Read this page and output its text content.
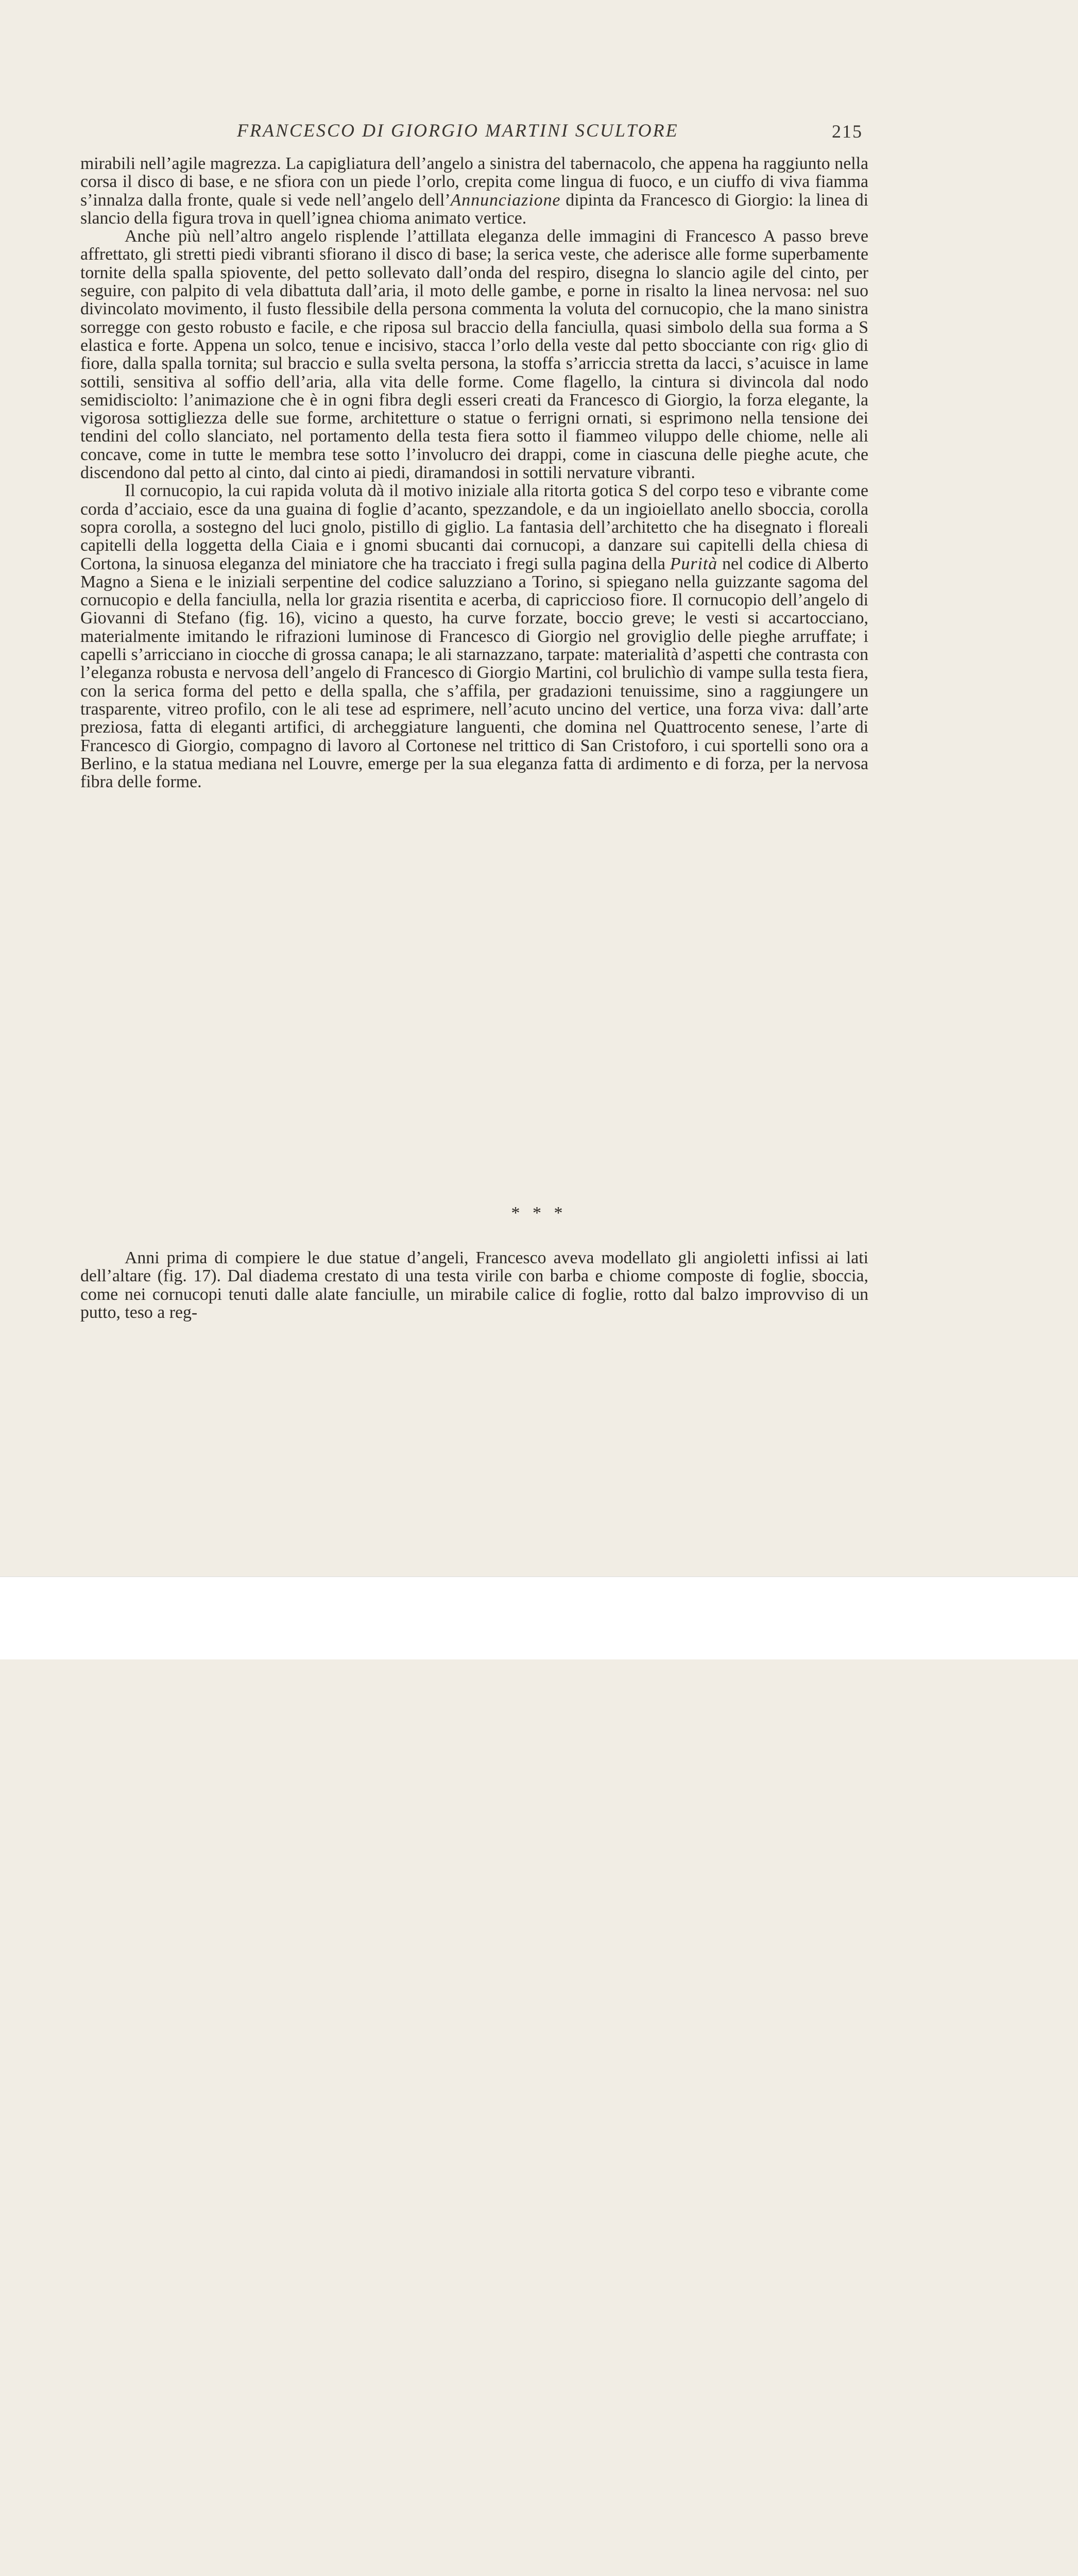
FRANCESCO DI GIORGIO MARTINI SCULTORE	215

mirabili nell’agile magrezza. La capigliatura dell’angelo a sinistra del tabernacolo, che appena ha raggiunto nella corsa il disco di base, e ne sfiora con un piede l’orlo, crepita come lingua di fuoco, e un ciuffo di viva fiamma s’innalza dalla fronte, quale si vede nell’angelo dell’Annunciazione dipinta da Francesco di Giorgio: la linea di slancio della figura trova in quell’ignea chioma animato vertice.

Anche più nell’altro angelo risplende l’attillata eleganza delle immagini di Francesco A passo breve affrettato, gli stretti piedi vibranti sfiorano il disco di base; la serica veste, che aderisce alle forme superbamente tornite della spalla spiovente, del petto sollevato dall’onda del respiro, disegna lo slancio agile del cinto, per seguire, con palpito di vela dibattuta dall’aria, il moto delle gambe, e porne in risalto la linea nervosa: nel suo divincolato movimento, il fusto flessibile della persona commenta la voluta del cornucopio, che la mano sinistra sorregge con gesto robusto e facile, e che riposa sul braccio della fanciulla, quasi simbolo della sua forma a S elastica e forte. Appena un solco, tenue e incisivo, stacca l’orlo della veste dal petto sbocciante con rig‹ glio di fiore, dalla spalla tornita; sul braccio e sulla svelta persona, la stoffa s’arriccia stretta da lacci, s’acuisce in lame sottili, sensitiva al soffio dell’aria, alla vita delle forme. Come flagello, la cintura si divincola dal nodo semidisciolto: l’animazione che è in ogni fibra degli esseri creati da Francesco di Giorgio, la forza elegante, la vigorosa sottigliezza delle sue forme, architetture o statue o ferrigni ornati, si esprimono nella tensione dei tendini del collo slanciato, nel portamento della testa fiera sotto il fiammeo viluppo delle chiome, nelle ali concave, come in tutte le membra tese sotto l’involucro dei drappi, come in ciascuna delle pieghe acute, che discendono dal petto al cinto, dal cinto ai piedi, diramandosi in sottili nervature vibranti.

Il cornucopio, la cui rapida voluta dà il motivo iniziale alla ritorta gotica S del corpo teso e vibrante come corda d’acciaio, esce da una guaina di foglie d’acanto, spezzandole, e da un ingioiellato anello sboccia, corolla sopra corolla, a sostegno del luci gnolo, pistillo di giglio. La fantasia dell’architetto che ha disegnato i floreali capitelli della loggetta della Ciaia e i gnomi sbucanti dai cornucopi, a danzare sui capitelli della chiesa di Cortona, la sinuosa eleganza del miniatore che ha tracciato i fregi sulla pagina della Purità nel codice di Alberto Magno a Siena e le iniziali serpentine del codice saluzziano a Torino, si spiegano nella guizzante sagoma del cornucopio e della fanciulla, nella lor grazia risentita e acerba, di capriccioso fiore. Il cornucopio dell’angelo di Giovanni di Stefano (fig. 16), vicino a questo, ha curve forzate, boccio greve; le vesti si accartocciano, materialmente imitando le rifrazioni luminose di Francesco di Giorgio nel groviglio delle pieghe arruffate; i capelli s’arricciano in ciocche di grossa canapa; le ali starnazzano, tarpate: materialità d’aspetti che contrasta con l’eleganza robusta e nervosa dell’angelo di Francesco di Giorgio Martini, col brulichìo di vampe sulla testa fiera, con la serica forma del petto e della spalla, che s’affila, per gradazioni tenuissime, sino a raggiungere un trasparente, vitreo profilo, con le ali tese ad esprimere, nell’acuto uncino del vertice, una forza viva: dall’arte preziosa, fatta di eleganti artifici, di archeggiature languenti, che domina nel Quattrocento senese, l’arte di Francesco di Giorgio, compagno di lavoro al Cortonese nel trittico di San Cristoforo, i cui sportelli sono ora a Berlino, e la statua mediana nel Louvre, emerge per la sua eleganza fatta di ardimento e di forza, per la nervosa fibra delle forme.

* * *

Anni prima di compiere le due statue d’angeli, Francesco aveva modellato gli angioletti infissi ai lati dell’altare (fig. 17). Dal diadema crestato di una testa virile con barba e chiome composte di foglie, sboccia, come nei cornucopi tenuti dalle alate fanciulle, un mirabile calice di foglie, rotto dal balzo improvviso di un putto, teso a reg-
